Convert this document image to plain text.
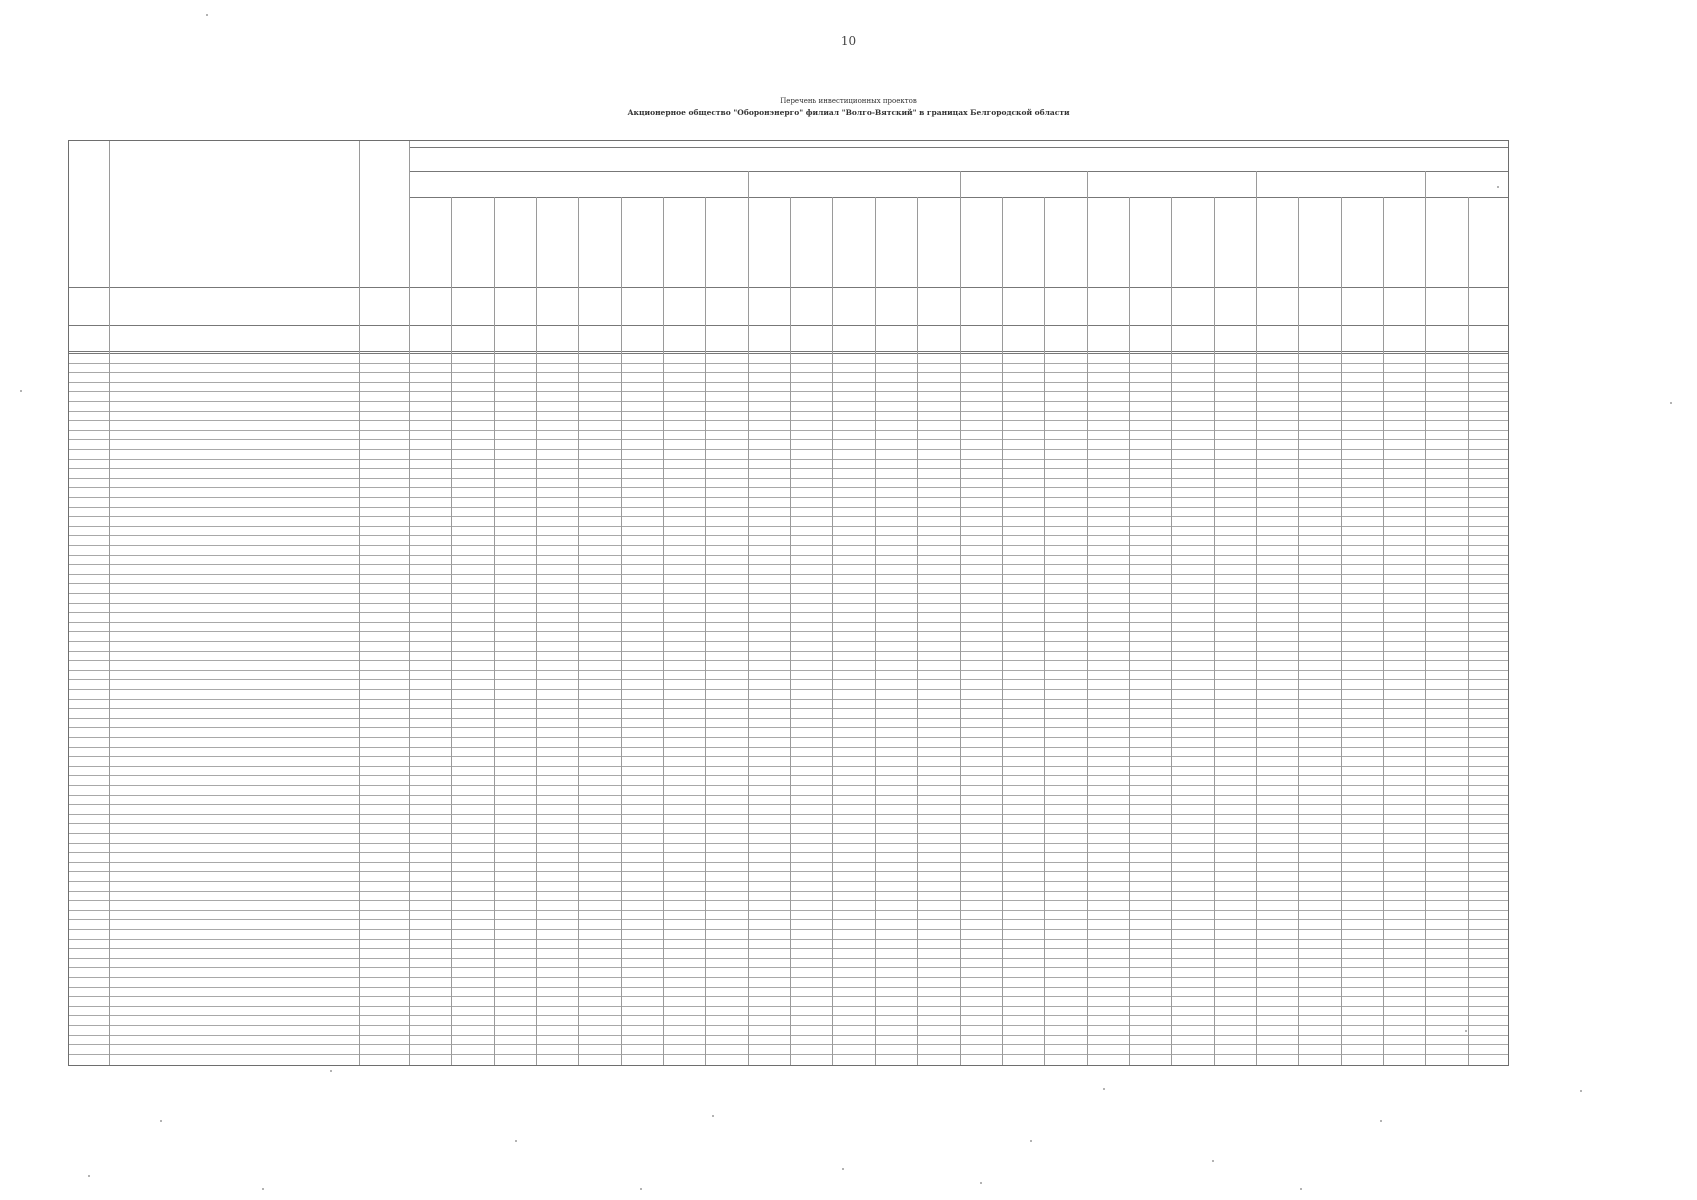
10
Перечень инвестиционных проектов
Акционерное общество "Оборонэнерго" филиал "Волго-Вятский" в границах Белгородской области
